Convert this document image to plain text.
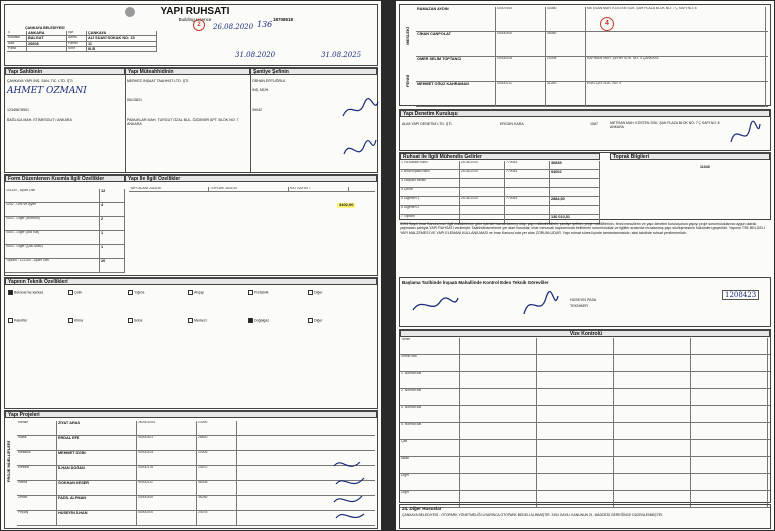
YAPI RUHSATI
Building Licence	18708518
ÇANKAYA BELEDİYESİ
İl	ANKARA	İlçe	ÇANKAYA
Mahalle	BALGAT	Adres	ALİ SUAVİ SOKAK NO: 15
Ada	26608	Parsel	11
Pafta	Sınıf	III-B
2	26.08.2020 136
31.08.2020	31.08.2025
Yapı Sahibinin
ÇANKAYA YAPI İNŞ. SAN. TİC. LTD. ŞTİ.
AHMET OZMANI
12345678901
BAĞLICA MAH. ETİMESGUT / ANKARA
Yapı Müteahhidinin
MERKEZ İNŞAAT TAAHHÜT LTD. ŞTİ.
06/13821
PAMUKLAR MAH. TURGUT ÖZAL BUL. ÖZDEMİR APT. BLOK NO: 7 ANKARA
Şantiye Şefinin
ORHAN ERTUĞRUL
İNŞ. MÜH.
39042
Form Düzenlenen Kısımla İlgili Özellikler	Yapı İle İlgili Özellikler
101100 - Apart Otel	12
1202 - Ofis ve İşyeri	4
0003 - Diğer (Bodrum)	2
0003 - Diğer (Ara Kat)	1
0003 - Diğer (Çatı Arası)	1
Toplam : 121100 - Apart Otel	20
YAPI ALANI 2418,50	TOPLAM 3402,00	KAT SAYISI 7
3402,00
Yapının Teknik Özellikleri
Betonarme karkas	Çelik	Yığma	Ahşap	Prefabrik	Diğer
Kalorifer	Klima	Soba	Merkezi	Doğalgaz	Diğer
Yapı Projeleri
PROJE MÜELLİFLERİ
Mimari	ZİYAT ARAS	260301004	23090
Statik	ERDAL EFE	00000301	28620
Mekanik	MEHMET İZGİN	00000204	10005
Elektrik	İLHAN DOĞAN	00000176	14570
Harita	GÖKHAN KESER	00000311	36008
Zemin	FADİL ALPMAN	00000300	36280
Peyzaj	HÜSEYİN İLHAN	00000200	24078
MESLEKİ
FENNİ
RAMAZAN AYDIN	00007500	40080	METİSAN MAH. KÖSTEN SOK. ŞAH PLAZA BLOK NO: 7 Ç KAPI NO: 8
CİHAN CANPOLAT	00000300	48080
ÖMER SELİM TOPTANCI	00000205	10008	KAPIMAN MAH. ŞEHİR SOK. NO: 4 ÇANKAYA
MEHMET OĞUZ KAHRAMAN	00000211	31040	ESKİ ÇAY SOK. NO: 9
4
Yapı Denetim Kuruluşu
ALIM YAPI DENETİM LTD. ŞTİ.	1087
ERGÜN KARA	METİSAN MAH. KÖSTEN SOK. ŞAH PLAZA BLOK NO: 7 Ç KAPI NO: 8 ANKARA
Ruhsat ile İlgili Mühendis Gelirler	Toprak Bilgileri
1 Yol katılım harcı	25.08.2020	770053	30835
2 Bina inşaatı harcı	25.08.2020	770053	94002
3 Otopark bedeli
4 Çevre
5 Diğerleri 1	25.08.2020	770053	2884,50
6 Diğerleri 2
7 Toplam	130 010,51
11040
3194 Sayılı İmar Kanunu'nun ilgili maddelerine göre işlenleri tamamlanmış olup, yapı müteahhidinin, şantiye şefinin, proje müelliflerinin, fenni mesullerin ve yapı denetim kuruluşunun yapıyı proje sorumluluklarına uygun olarak yapmaları şartıyla YAPI RUHSATI verilmiştir. Taahhütnamelerde yer alan hususlar, imar mevzuatı kapsamında belirlenen sorumluluklar ve ilgililer arasında imzalanmış yapı sözleşmesinin hükümleri geçerlidir. Yapının TSE BELGELİ YAPI MALZEMESİ VE YAPI ELEMANI KULLANILMASI ve İmar Kanunu'nda yer alan ZORUNLUDUR. Yapı ruhsat süresi içinde tamamlanmalıdır; aksi takdirde ruhsat yenilenmelidir.
Başlama Tarihinde İnşaatı Mahallinde Kontrol Eden Teknik Görevliler
HÜSEYİN PASA
TEKNİKER
1208423
Vize Kontrolü
Temel
Zemin katı
1. Normal kat
2. Normal kat
3. Normal kat
4. Normal kat
Çatı
İskan
Diğer
Diğer
24. Diğer Hususlar
ÇANKAYA BELEDİYESİ - OTOPARK YÖNETMELİĞİ UYARINCA OTOPARK BEDELİ ALINMIŞTIR. 3194 SAYILI KANUNUN 21. MADDESİ GEREĞİNCE DÜZENLENMİŞTİR.
